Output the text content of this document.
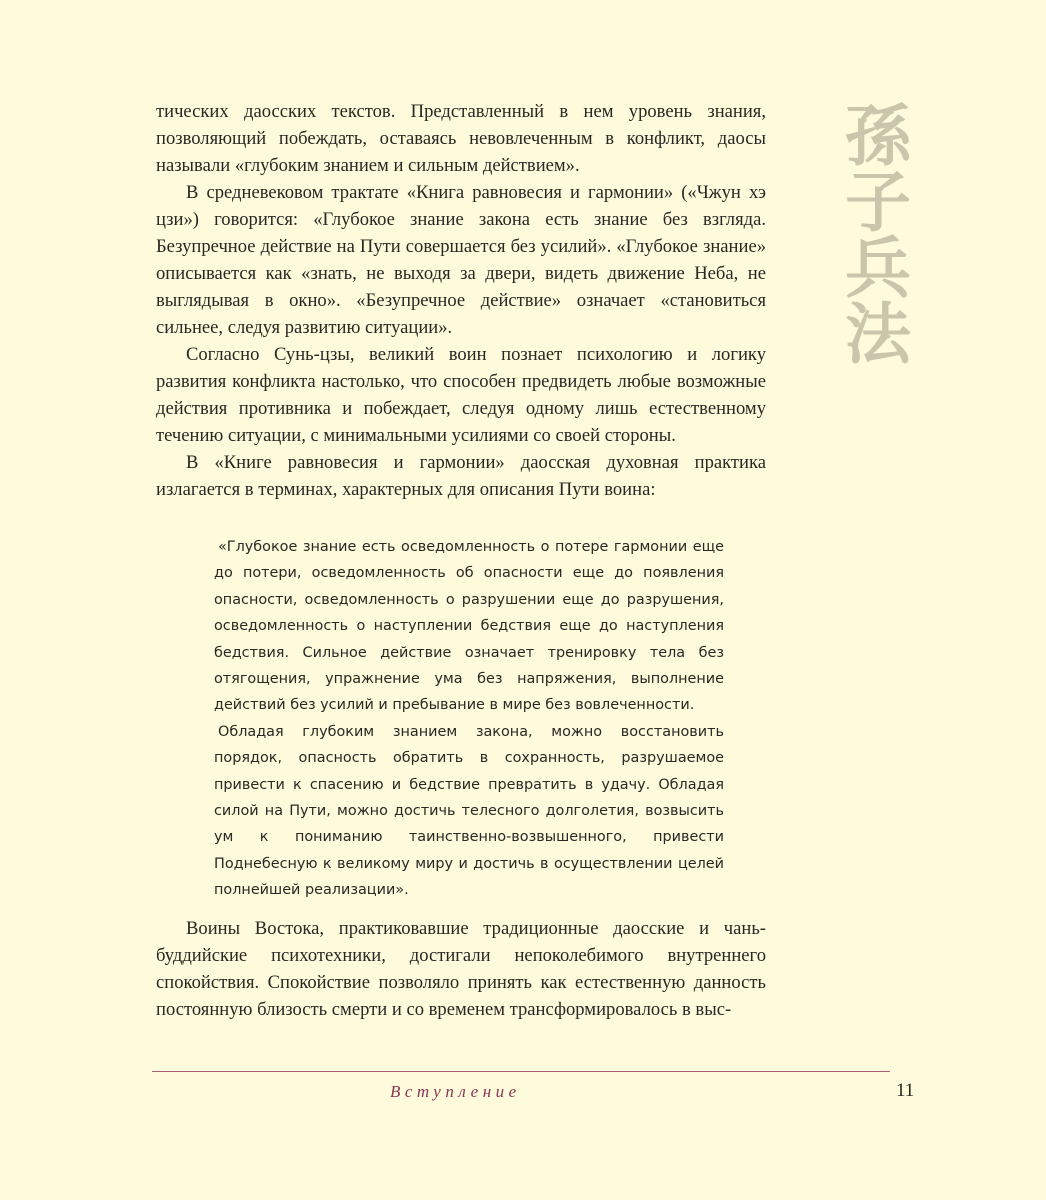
тических даосских текстов. Представленный в нем уровень знания, позволяющий побеждать, оставаясь невовлеченным в конфликт, даосы называли «глубоким знанием и сильным действием».

В средневековом трактате «Книга равновесия и гармонии» («Чжун хэ цзи») говорится: «Глубокое знание закона есть знание без взгляда. Безупречное действие на Пути совершается без усилий». «Глубокое знание» описывается как «знать, не выходя за двери, видеть движение Неба, не выглядывая в окно». «Безупречное действие» означает «становиться сильнее, следуя развитию ситуации».

Согласно Сунь-цзы, великий воин познает психологию и логику развития конфликта настолько, что способен предвидеть любые возможные действия противника и побеждает, следуя одному лишь естественному течению ситуации, с минимальными усилиями со своей стороны.

В «Книге равновесия и гармонии» даосская духовная практика излагается в терминах, характерных для описания Пути воина:

«Глубокое знание есть осведомленность о потере гармонии еще до потери, осведомленность об опасности еще до появления опасности, осведомленность о разрушении еще до разрушения, осведомленность о наступлении бедствия еще до наступления бедствия. Сильное действие означает тренировку тела без отягощения, упражнение ума без напряжения, выполнение действий без усилий и пребывание в мире без вовлеченности.

Обладая глубоким знанием закона, можно восстановить порядок, опасность обратить в сохранность, разрушаемое привести к спасению и бедствие превратить в удачу. Обладая силой на Пути, можно достичь телесного долголетия, возвысить ум к пониманию таинственно-возвышенного, привести Поднебесную к великому миру и достичь в осуществлении целей полнейшей реализации».

Воины Востока, практиковавшие традиционные даосские и чань-буддийские психотехники, достигали непоколебимого внутреннего спокойствия. Спокойствие позволяло принять как естественную данность постоянную близость смерти и со временем трансформировалось в выс-

孫
子
兵
法
Вступление	11
